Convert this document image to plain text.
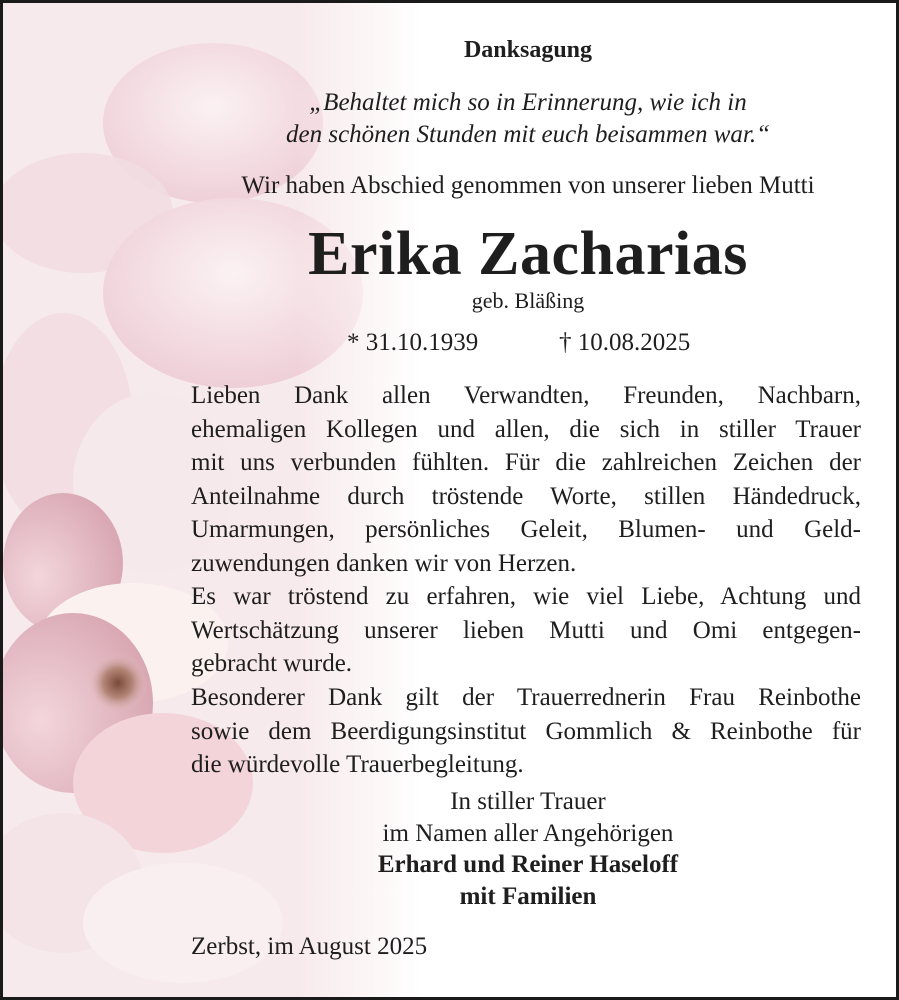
Danksagung
„Behaltet mich so in Erinnerung, wie ich in
den schönen Stunden mit euch beisammen war.“
Wir haben Abschied genommen von unserer lieben Mutti
Erika Zacharias
geb. Bläßing
* 31.10.1939	† 10.08.2025
Lieben Dank allen Verwandten, Freunden, Nachbarn,
ehemaligen Kollegen und allen, die sich in stiller Trauer
mit uns verbunden fühlten. Für die zahlreichen Zeichen der
Anteilnahme durch tröstende Worte, stillen Händedruck,
Umarmungen, persönliches Geleit, Blumen- und Geld-
zuwendungen danken wir von Herzen.
Es war tröstend zu erfahren, wie viel Liebe, Achtung und
Wertschätzung unserer lieben Mutti und Omi entgegen-
gebracht wurde.
Besonderer Dank gilt der Trauerrednerin Frau Reinbothe
sowie dem Beerdigungsinstitut Gommlich & Reinbothe für
die würdevolle Trauerbegleitung.
In stiller Trauer
im Namen aller Angehörigen
Erhard und Reiner Haseloff
mit Familien
Zerbst, im August 2025
